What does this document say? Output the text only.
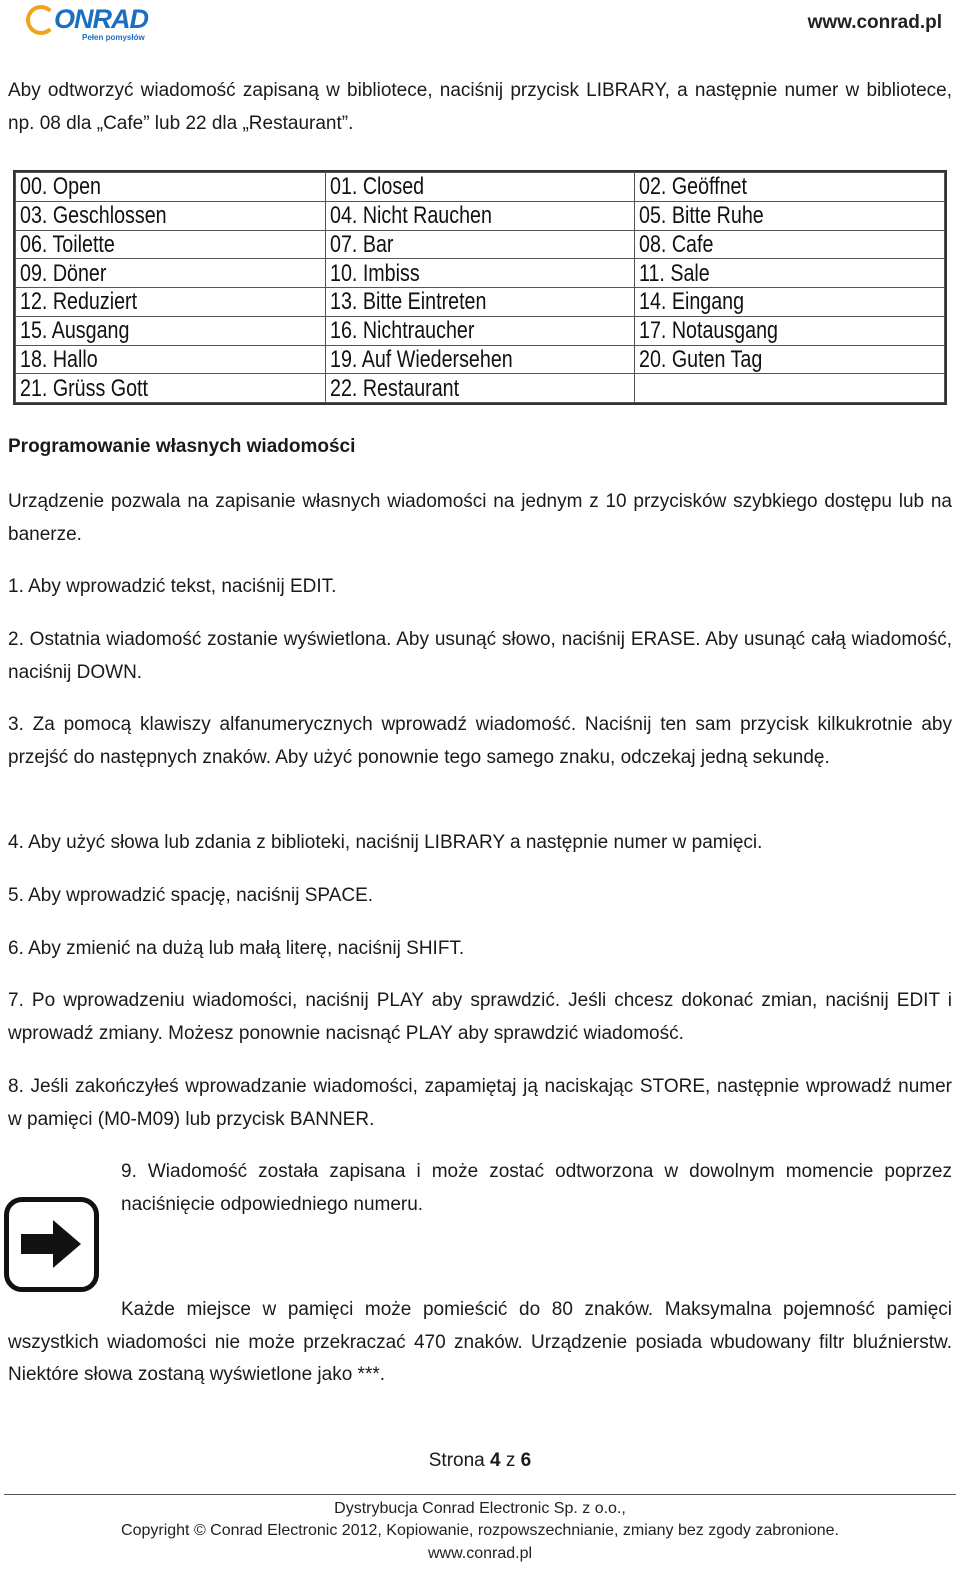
ONRAD
Pełen pomysłów
www.conrad.pl

Aby odtworzyć wiadomość zapisaną w bibliotece, naciśnij przycisk LIBRARY, a następnie numer w bibliotece, np. 08 dla „Cafe” lub 22 dla „Restaurant”.

00. Open	01. Closed	02. Geöffnet
03. Geschlossen	04. Nicht Rauchen	05. Bitte Ruhe
06. Toilette	07. Bar	08. Cafe
09. Döner	10. Imbiss	11. Sale
12. Reduziert	13. Bitte Eintreten	14. Eingang
15. Ausgang	16. Nichtraucher	17. Notausgang
18. Hallo	19. Auf Wiedersehen	20. Guten Tag
21. Grüss Gott	22. Restaurant	
Programowanie własnych wiadomości

Urządzenie pozwala na zapisanie własnych wiadomości na jednym z 10 przycisków szybkiego dostępu lub na banerze.

1. Aby wprowadzić tekst, naciśnij EDIT.

2. Ostatnia wiadomość zostanie wyświetlona. Aby usunąć słowo, naciśnij ERASE. Aby usunąć całą wiadomość, naciśnij DOWN.

3. Za pomocą klawiszy alfanumerycznych wprowadź wiadomość. Naciśnij ten sam przycisk kilkukrotnie aby przejść do następnych znaków. Aby użyć ponownie tego samego znaku, odczekaj jedną sekundę.

4. Aby użyć słowa lub zdania z biblioteki, naciśnij LIBRARY a następnie numer w pamięci.

5. Aby wprowadzić spację, naciśnij SPACE.

6. Aby zmienić na dużą lub małą literę, naciśnij SHIFT.

7. Po wprowadzeniu wiadomości, naciśnij PLAY aby sprawdzić. Jeśli chcesz dokonać zmian, naciśnij EDIT i wprowadź zmiany. Możesz ponownie nacisnąć PLAY aby sprawdzić wiadomość.

8. Jeśli zakończyłeś wprowadzanie wiadomości, zapamiętaj ją naciskając STORE, następnie wprowadź numer w pamięci (M0-M09) lub przycisk BANNER.

9. Wiadomość została zapisana i może zostać odtworzona w dowolnym momencie poprzez naciśnięcie odpowiedniego numeru.

Każde miejsce w pamięci może pomieścić do 80 znaków. Maksymalna pojemność pamięci wszystkich wiadomości nie może przekraczać 470 znaków. Urządzenie posiada wbudowany filtr bluźnierstw. Niektóre słowa zostaną wyświetlone jako ***.

Strona 4 z 6
Dystrybucja Conrad Electronic Sp. z o.o.,
Copyright © Conrad Electronic 2012, Kopiowanie, rozpowszechnianie, zmiany bez zgody zabronione.
www.conrad.pl
